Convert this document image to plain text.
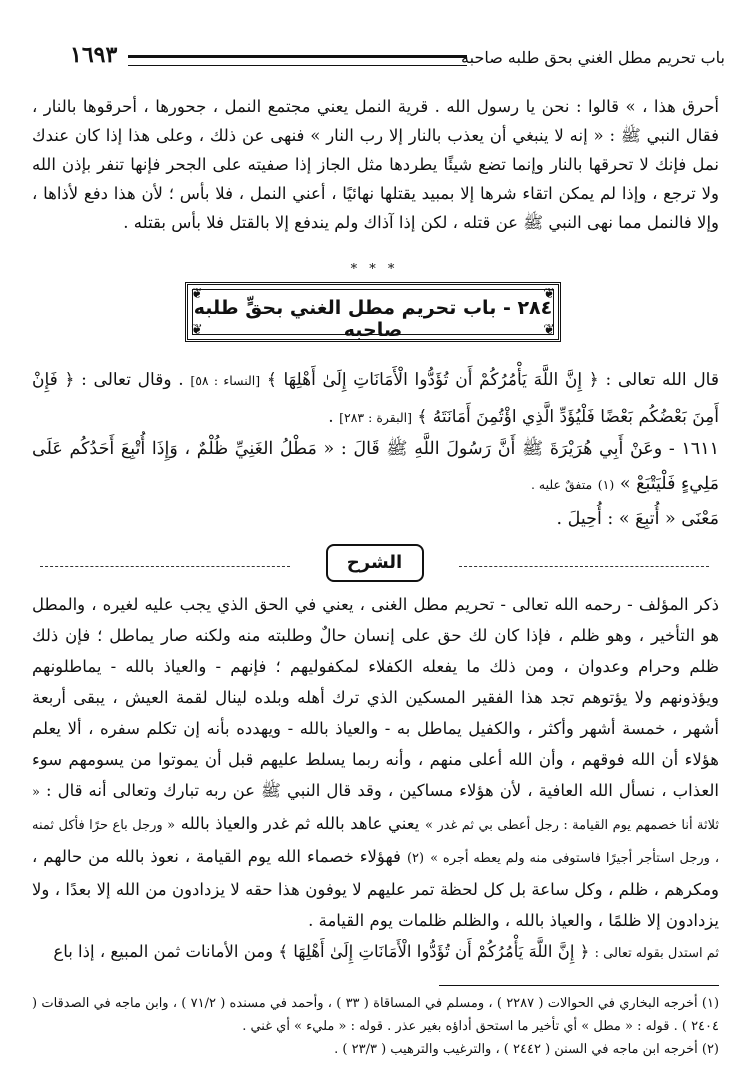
باب تحريم مطل الغني بحق طلبه صاحبه
١٦٩٣
أحرق هذا ، » قالوا : نحن يا رسول الله . قرية النمل يعني مجتمع النمل ، جحورها ، أحرقوها بالنار ، فقال النبي ﷺ : « إنه لا ينبغي أن يعذب بالنار إلا رب النار » فنهى عن ذلك ، وعلى هذا إذا كان عندك نمل فإنك لا تحرقها بالنار وإنما تضع شيئًا يطردها مثل الجاز إذا صفيته على الجحر فإنها تنفر بإذن الله ولا ترجع ، وإذا لم يمكن اتقاء شرها إلا بمبيد يقتلها نهائيًا ، أعني النمل ، فلا بأس ؛ لأن هذا دفع لأذاها ، وإلا فالنمل مما نهى النبي ﷺ عن قتله ، لكن إذا آذاك ولم يندفع إلا بالقتل فلا بأس بقتله .
* * *
❦	❦
❦	❦
٢٨٤ - باب تحريم مطل الغني بحقٍّ طلبه صاحبه
قال الله تعالى : ﴿ إِنَّ اللَّهَ يَأْمُرُكُمْ أَن تُؤَدُّوا الْأَمَانَاتِ إِلَىٰ أَهْلِهَا ﴾ [النساء : ٥٨] . وقال تعالى : ﴿ فَإِنْ أَمِنَ بَعْضُكُم بَعْضًا فَلْيُؤَدِّ الَّذِي اؤْتُمِنَ أَمَانَتَهُ ﴾ [البقرة : ٢٨٣] .
١٦١١ - وعَنْ أَبِي هُرَيْرَةَ ﷺ أَنَّ رَسُولَ اللَّهِ ﷺ قَالَ : « مَطْلُ الغَنِيِّ ظُلْمٌ ، وَإِذَا أُتْبِعَ أَحَدُكُم عَلَى مَلِيءٍ فَلْيَتْبَعْ » (١) متفقٌ عليه .
مَعْنَى « أُتبِعَ » : أُحِيلَ .
الشرح
ذكر المؤلف - رحمه الله تعالى - تحريم مطل الغنى ، يعني في الحق الذي يجب عليه لغيره ، والمطل هو التأخير ، وهو ظلم ، فإذا كان لك حق على إنسان حالٌ وطلبته منه ولكنه صار يماطل ؛ فإن ذلك ظلم وحرام وعدوان ، ومن ذلك ما يفعله الكفلاء لمكفوليهم ؛ فإنهم - والعياذ بالله - يماطلونهم ويؤذونهم ولا يؤتوهم تجد هذا الفقير المسكين الذي ترك أهله وبلده لينال لقمة العيش ، يبقى أربعة أشهر ، خمسة أشهر وأكثر ، والكفيل يماطل به - والعياذ بالله - ويهدده بأنه إن تكلم سفره ، ألا يعلم هؤلاء أن الله فوقهم ، وأن الله أعلى منهم ، وأنه ربما يسلط عليهم قبل أن يموتوا من يسومهم سوء العذاب ، نسأل الله العافية ، لأن هؤلاء مساكين ، وقد قال النبي ﷺ عن ربه تبارك وتعالى أنه قال : « ثلاثة أنا خصمهم يوم القيامة : رجل أعطى بي ثم غدر » يعني عاهد بالله ثم غدر والعياذ بالله « ورجل باع حرًا فأكل ثمنه ، ورجل استأجر أجيرًا فاستوفى منه ولم يعطه أجره » (٢) فهؤلاء خصماء الله يوم القيامة ، نعوذ بالله من حالهم ، ومكرهم ، ظلم ، وكل ساعة بل كل لحظة تمر عليهم لا يوفون هذا حقه لا يزدادون من الله إلا بعدًا ، ولا يزدادون إلا ظلمًا ، والعياذ بالله ، والظلم ظلمات يوم القيامة .
ثم استدل بقوله تعالى : ﴿ إِنَّ اللَّهَ يَأْمُرُكُمْ أَن تُؤَدُّوا الْأَمَانَاتِ إِلَىٰ أَهْلِهَا ﴾ ومن الأمانات ثمن المبيع ، إذا باع
(١) أخرجه البخاري في الحوالات ( ٢٢٨٧ ) ، ومسلم في المساقاة ( ٣٣ ) ، وأحمد في مسنده ( ٧١/٢ ) ، وابن ماجه في الصدقات ( ٢٤٠٤ ) . قوله : « مطل » أي تأخير ما استحق أداؤه بغير عذر . قوله : « مليء » أي غني .
(٢) أخرجه ابن ماجه في السنن ( ٢٤٤٢ ) ، والترغيب والترهيب ( ٢٣/٣ ) .
